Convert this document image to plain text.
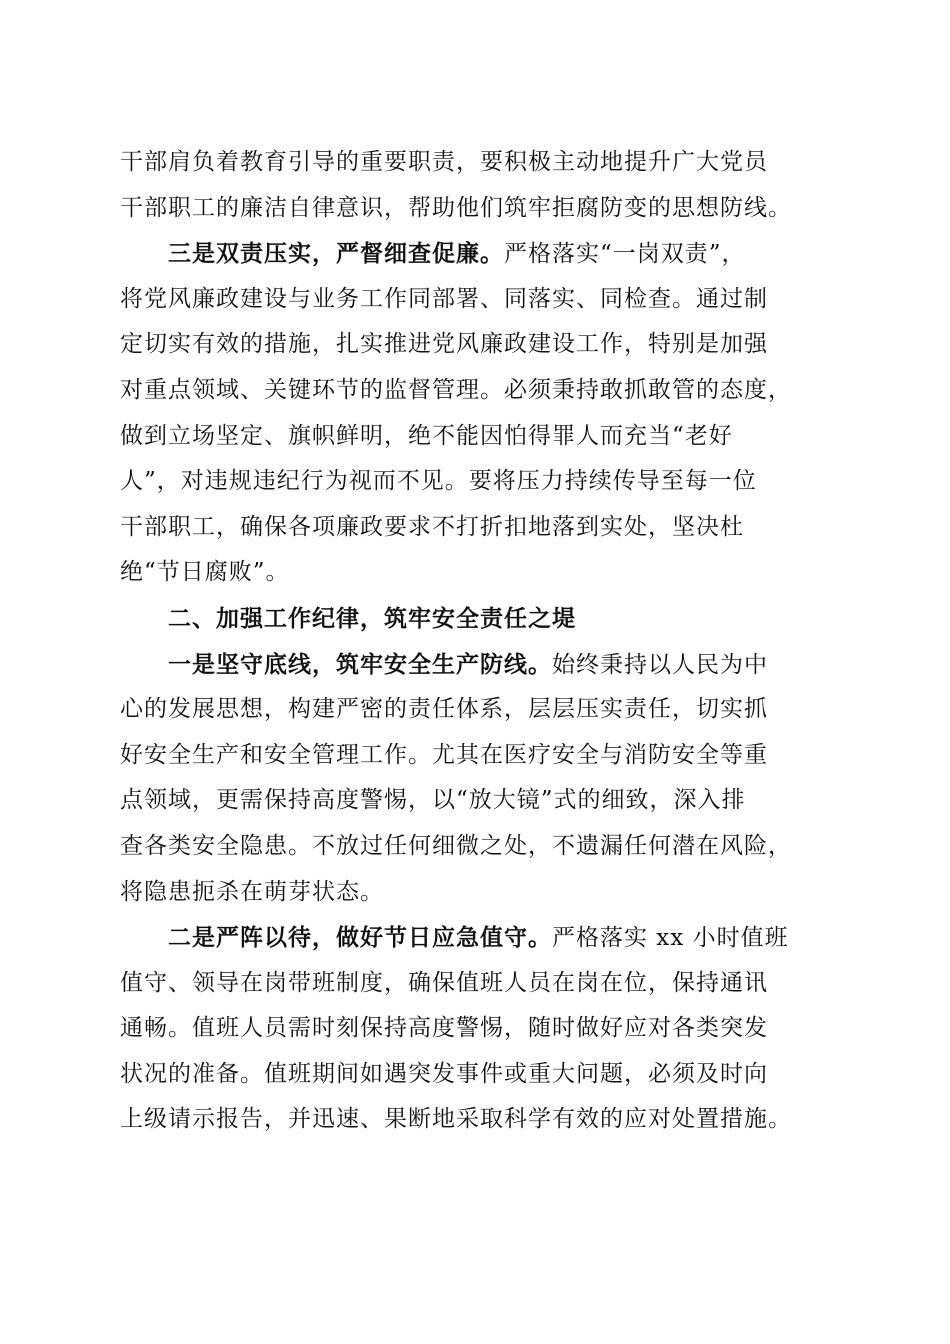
干部肩负着教育引导的重要职责，要积极主动地提升广大党员
干部职工的廉洁自律意识，帮助他们筑牢拒腐防变的思想防线。
三是双责压实，严督细查促廉。严格落实“一岗双责”，
将党风廉政建设与业务工作同部署、同落实、同检查。通过制
定切实有效的措施，扎实推进党风廉政建设工作，特别是加强
对重点领域、关键环节的监督管理。必须秉持敢抓敢管的态度，
做到立场坚定、旗帜鲜明，绝不能因怕得罪人而充当“老好
人”，对违规违纪行为视而不见。要将压力持续传导至每一位
干部职工，确保各项廉政要求不打折扣地落到实处，坚决杜
绝“节日腐败”。
二、加强工作纪律，筑牢安全责任之堤
一是坚守底线，筑牢安全生产防线。始终秉持以人民为中
心的发展思想，构建严密的责任体系，层层压实责任，切实抓
好安全生产和安全管理工作。尤其在医疗安全与消防安全等重
点领域，更需保持高度警惕，以“放大镜”式的细致，深入排
查各类安全隐患。不放过任何细微之处，不遗漏任何潜在风险，
将隐患扼杀在萌芽状态。
二是严阵以待，做好节日应急值守。严格落实 xx 小时值班
值守、领导在岗带班制度，确保值班人员在岗在位，保持通讯
通畅。值班人员需时刻保持高度警惕，随时做好应对各类突发
状况的准备。值班期间如遇突发事件或重大问题，必须及时向
上级请示报告，并迅速、果断地采取科学有效的应对处置措施。
